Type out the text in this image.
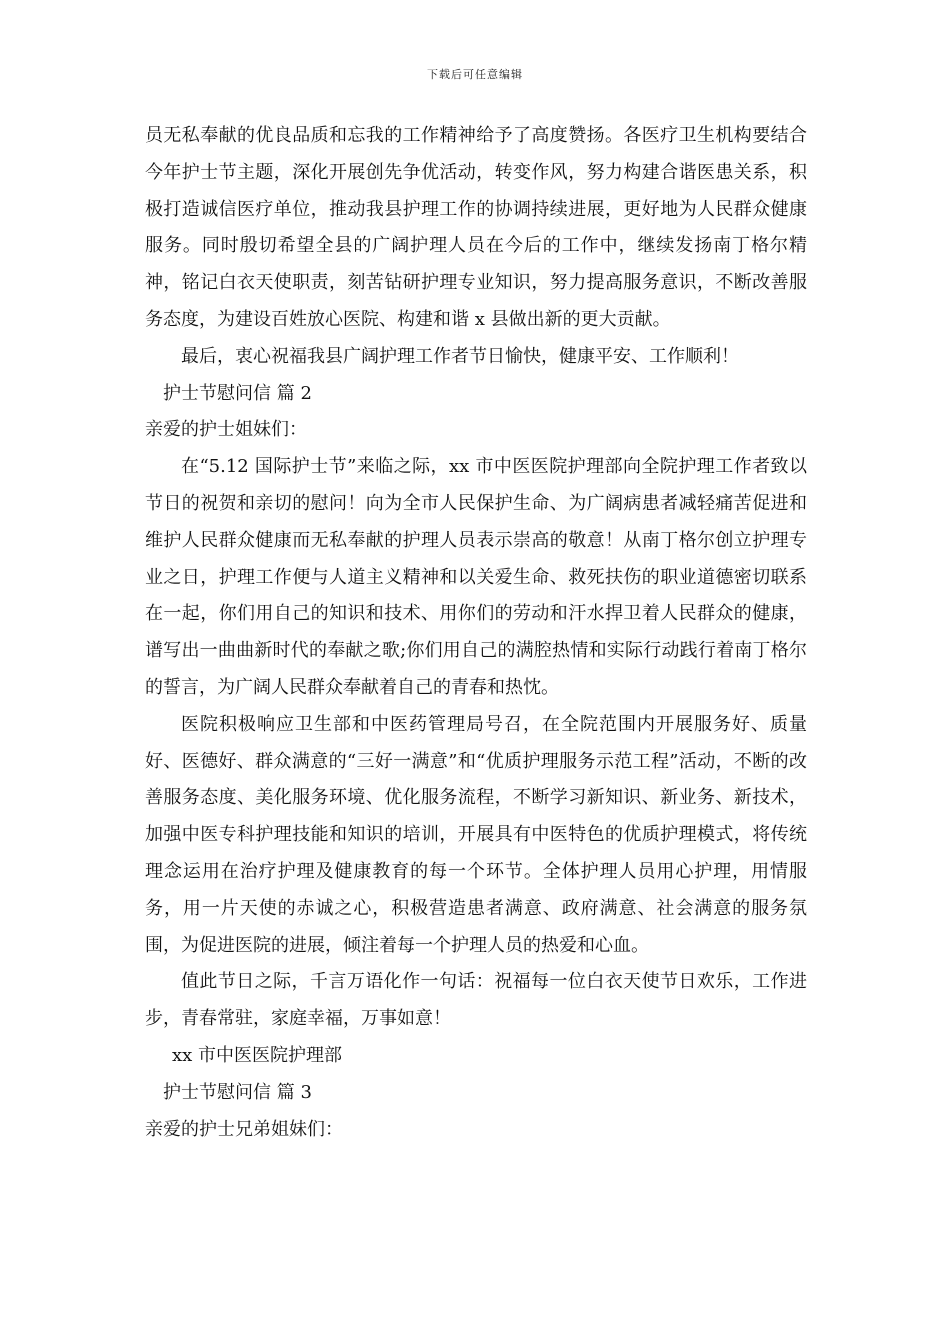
下载后可任意编辑

员无私奉献的优良品质和忘我的工作精神给予了高度赞扬。各医疗卫生机构要结合今年护士节主题，深化开展创先争优活动，转变作风，努力构建合谐医患关系，积极打造诚信医疗单位，推动我县护理工作的协调持续进展，更好地为人民群众健康服务。同时殷切希望全县的广阔护理人员在今后的工作中，继续发扬南丁格尔精神，铭记白衣天使职责，刻苦钻研护理专业知识，努力提高服务意识，不断改善服务态度，为建设百姓放心医院、构建和谐 x 县做出新的更大贡献。

最后，衷心祝福我县广阔护理工作者节日愉快，健康平安、工作顺利！

护士节慰问信 篇 2

亲爱的护士姐妹们：

在“5.12 国际护士节”来临之际，xx 市中医医院护理部向全院护理工作者致以节日的祝贺和亲切的慰问！向为全市人民保护生命、为广阔病患者减轻痛苦促进和维护人民群众健康而无私奉献的护理人员表示崇高的敬意！从南丁格尔创立护理专业之日，护理工作便与人道主义精神和以关爱生命、救死扶伤的职业道德密切联系在一起，你们用自己的知识和技术、用你们的劳动和汗水捍卫着人民群众的健康，谱写出一曲曲新时代的奉献之歌;你们用自己的满腔热情和实际行动践行着南丁格尔的誓言，为广阔人民群众奉献着自己的青春和热忱。

医院积极响应卫生部和中医药管理局号召，在全院范围内开展服务好、质量好、医德好、群众满意的“三好一满意”和“优质护理服务示范工程”活动，不断的改善服务态度、美化服务环境、优化服务流程，不断学习新知识、新业务、新技术，加强中医专科护理技能和知识的培训，开展具有中医特色的优质护理模式，将传统理念运用在治疗护理及健康教育的每一个环节。全体护理人员用心护理，用情服务，用一片天使的赤诚之心，积极营造患者满意、政府满意、社会满意的服务氛围，为促进医院的进展，倾注着每一个护理人员的热爱和心血。

值此节日之际，千言万语化作一句话：祝福每一位白衣天使节日欢乐，工作进步，青春常驻，家庭幸福，万事如意！

xx 市中医医院护理部

护士节慰问信 篇 3

亲爱的护士兄弟姐妹们：
